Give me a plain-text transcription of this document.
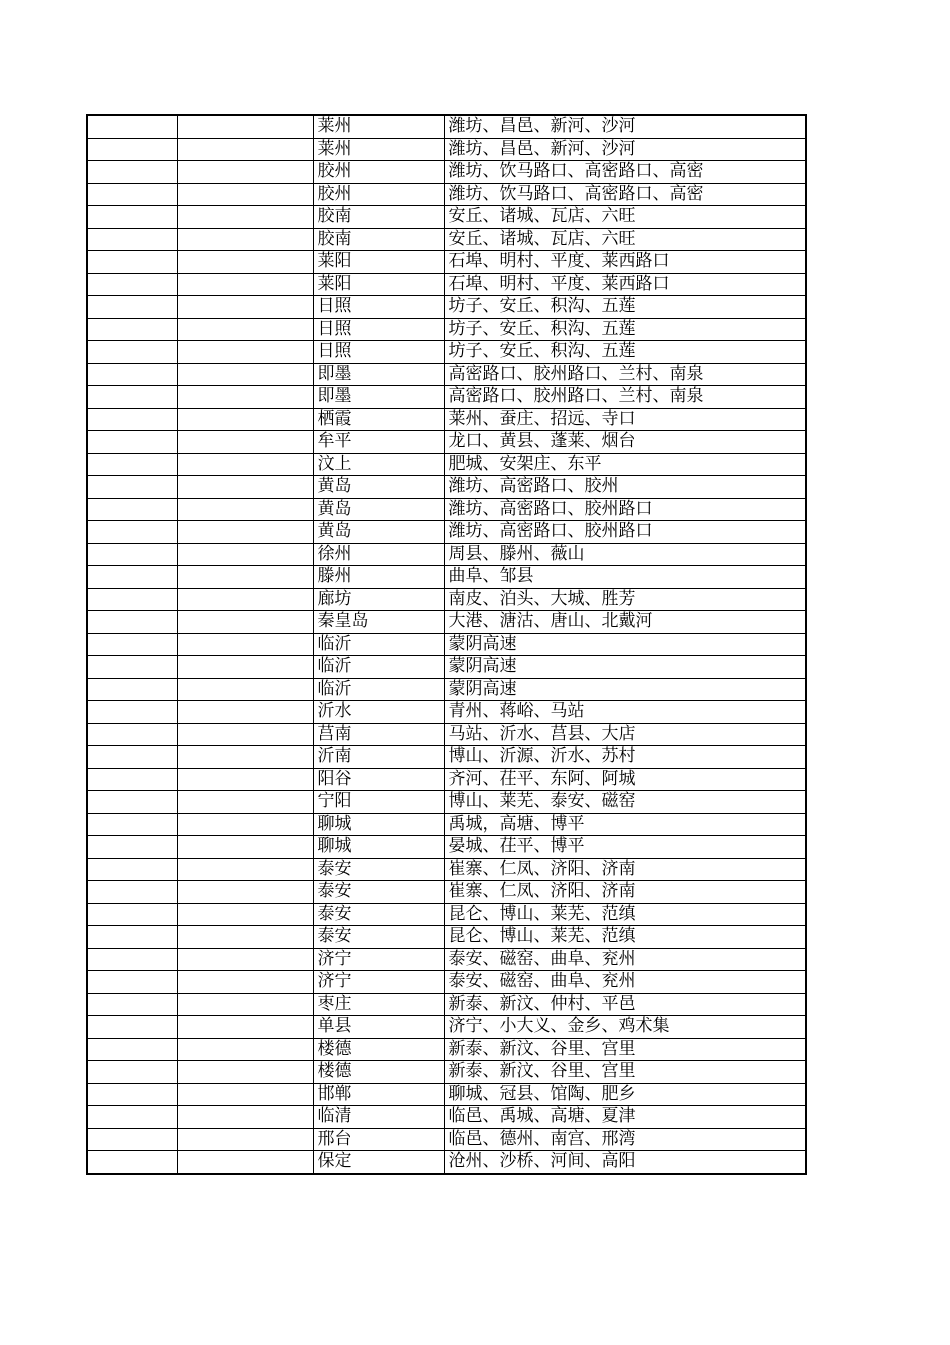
		莱州	潍坊、昌邑、新河、沙河
		莱州	潍坊、昌邑、新河、沙河
		胶州	潍坊、饮马路口、高密路口、高密
		胶州	潍坊、饮马路口、高密路口、高密
		胶南	安丘、诸城、瓦店、六旺
		胶南	安丘、诸城、瓦店、六旺
		莱阳	石埠、明村、平度、莱西路口
		莱阳	石埠、明村、平度、莱西路口
		日照	坊子、安丘、积沟、五莲
		日照	坊子、安丘、积沟、五莲
		日照	坊子、安丘、积沟、五莲
		即墨	高密路口、胶州路口、兰村、南泉
		即墨	高密路口、胶州路口、兰村、南泉
		栖霞	莱州、蚕庄、招远、寺口
		牟平	龙口、黄县、蓬莱、烟台
		汶上	肥城、安架庄、东平
		黄岛	潍坊、高密路口、胶州
		黄岛	潍坊、高密路口、胶州路口
		黄岛	潍坊、高密路口、胶州路口
		徐州	周县、滕州、薇山
		滕州	曲阜、邹县
		廊坊	南皮、泊头、大城、胜芳
		秦皇岛	大港、溏沽、唐山、北戴河
		临沂	蒙阴高速
		临沂	蒙阴高速
		临沂	蒙阴高速
		沂水	青州、蒋峪、马站
		莒南	马站、沂水、莒县、大店
		沂南	博山、沂源、沂水、苏村
		阳谷	齐河、茌平、东阿、阿城
		宁阳	博山、莱芜、泰安、磁窑
		聊城	禹城，高塘、博平
		聊城	晏城、茌平、博平
		泰安	崔寨、仁凤、济阳、济南
		泰安	崔寨、仁凤、济阳、济南
		泰安	昆仑、博山、莱芜、范缜
		泰安	昆仑、博山、莱芜、范缜
		济宁	泰安、磁窑、曲阜、兖州
		济宁	泰安、磁窑、曲阜、兖州
		枣庄	新泰、新汶、仲村、平邑
		单县	济宁、小大义、金乡、鸡术集
		楼德	新泰、新汶、谷里、宫里
		楼德	新泰、新汶、谷里、宫里
		邯郸	聊城、冠县、馆陶、肥乡
		临清	临邑、禹城、高塘、夏津
		邢台	临邑、德州、南宫、邢湾
		保定	沧州、沙桥、河间、高阳
